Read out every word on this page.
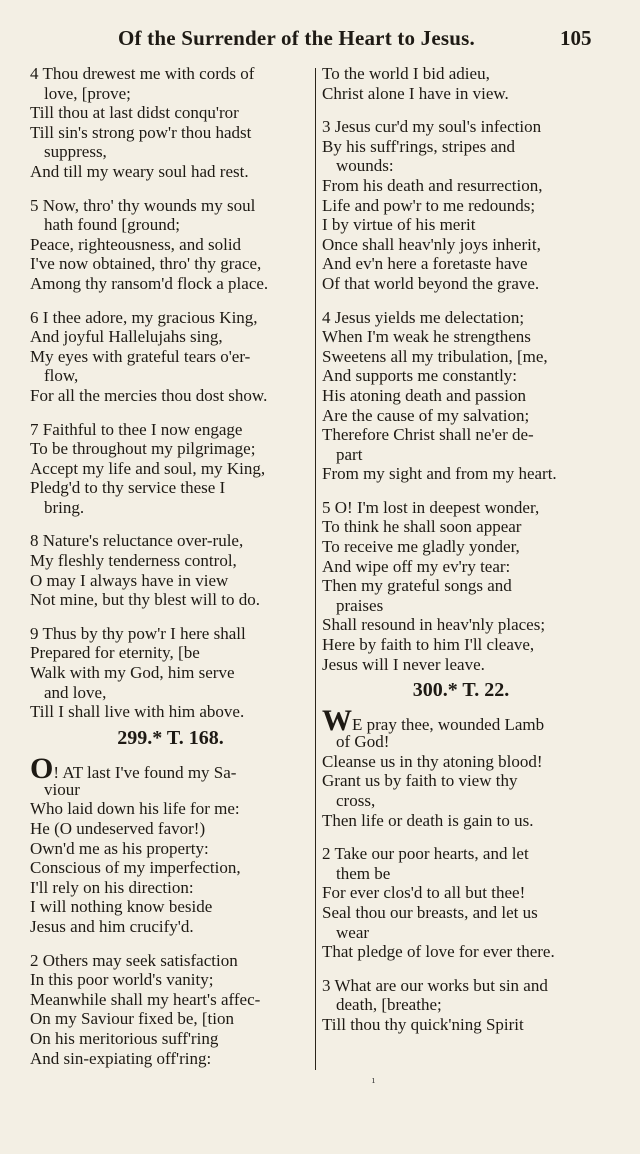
Of the Surrender of the Heart to Jesus.	105
4 Thou drewest me with cords of
love, [prove;
Till thou at last didst conqu'ror
Till sin's strong pow'r thou hadst
suppress,
And till my weary soul had rest.
5 Now, thro' thy wounds my soul
hath found [ground;
Peace, righteousness, and solid
I've now obtained, thro' thy grace,
Among thy ransom'd flock a place.
6 I thee adore, my gracious King,
And joyful Hallelujahs sing,
My eyes with grateful tears o'er-
flow,
For all the mercies thou dost show.
7 Faithful to thee I now engage
To be throughout my pilgrimage;
Accept my life and soul, my King,
Pledg'd to thy service these I
bring.
8 Nature's reluctance over-rule,
My fleshly tenderness control,
O may I always have in view
Not mine, but thy blest will to do.
9 Thus by thy pow'r I here shall
Prepared for eternity, [be
Walk with my God, him serve
and love,
Till I shall live with him above.
299.* T. 168.
O! AT last I've found my Sa-
viour
Who laid down his life for me:
He (O undeserved favor!)
Own'd me as his property:
Conscious of my imperfection,
I'll rely on his direction:
I will nothing know beside
Jesus and him crucify'd.
2 Others may seek satisfaction
In this poor world's vanity;
Meanwhile shall my heart's affec-
On my Saviour fixed be, [tion
On his meritorious suff'ring
And sin-expiating off'ring:
To the world I bid adieu,
Christ alone I have in view.
3 Jesus cur'd my soul's infection
By his suff'rings, stripes and
wounds:
From his death and resurrection,
Life and pow'r to me redounds;
I by virtue of his merit
Once shall heav'nly joys inherit,
And ev'n here a foretaste have
Of that world beyond the grave.
4 Jesus yields me delectation;
When I'm weak he strengthens
Sweetens all my tribulation, [me,
And supports me constantly:
His atoning death and passion
Are the cause of my salvation;
Therefore Christ shall ne'er de-
part
From my sight and from my heart.
5 O! I'm lost in deepest wonder,
To think he shall soon appear
To receive me gladly yonder,
And wipe off my ev'ry tear:
Then my grateful songs and
praises
Shall resound in heav'nly places;
Here by faith to him I'll cleave,
Jesus will I never leave.
300.* T. 22.
WE pray thee, wounded Lamb
of God!
Cleanse us in thy atoning blood!
Grant us by faith to view thy
cross,
Then life or death is gain to us.
2 Take our poor hearts, and let
them be
For ever clos'd to all but thee!
Seal thou our breasts, and let us
wear
That pledge of love for ever there.
3 What are our works but sin and
death, [breathe;
Till thou thy quick'ning Spirit
ı
